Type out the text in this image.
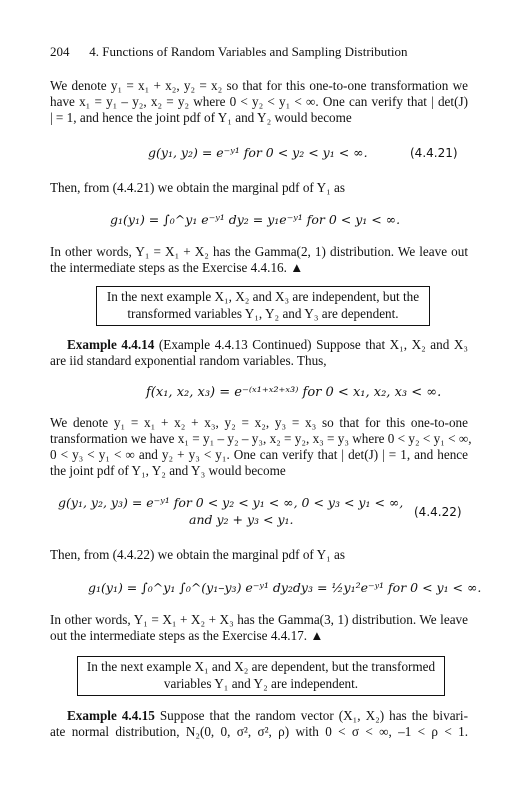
204 4. Functions of Random Variables and Sampling Distribution
We denote y₁ = x₁ + x₂, y₂ = x₂ so that for this one-to-one transformation we
have x₁ = y₁ – y₂, x₂ = y₂ where 0 < y₂ < y₁ < ∞. One can verify that | det(J)
| = 1, and hence the joint pdf of Y₁ and Y₂ would become
g(y₁, y₂) = e⁻ʸ¹ for 0 < y₂ < y₁ < ∞.	(4.4.21)
Then, from (4.4.21) we obtain the marginal pdf of Y₁ as
g₁(y₁) = ∫₀^y₁ e⁻ʸ¹ dy₂ = y₁e⁻ʸ¹ for 0 < y₁ < ∞.
In other words, Y₁ = X₁ + X₂ has the Gamma(2, 1) distribution. We leave out
the intermediate steps as the Exercise 4.4.16. ▲
In the next example X₁, X₂ and X₃ are independent, but the
transformed variables Y₁, Y₂ and Y₃ are dependent.
Example 4.4.14 (Example 4.4.13 Continued) Suppose that X₁, X₂ and X₃
are iid standard exponential random variables. Thus,
f(x₁, x₂, x₃) = e⁻⁽ˣ¹⁺ˣ²⁺ˣ³⁾ for 0 < x₁, x₂, x₃ < ∞.
We denote y₁ = x₁ + x₂ + x₃, y₂ = x₂, y₃ = x₃ so that for this one-to-one
transformation we have x₁ = y₁ – y₂ – y₃, x₂ = y₂, x₃ = y₃ where 0 < y₂ < y₁ < ∞,
0 < y₃ < y₁ < ∞ and y₂ + y₃ < y₁. One can verify that | det(J) | = 1, and hence
the joint pdf of Y₁, Y₂ and Y₃ would become
g(y₁, y₂, y₃) = e⁻ʸ¹ for 0 < y₂ < y₁ < ∞, 0 < y₃ < y₁ < ∞,
and y₂ + y₃ < y₁.	(4.4.22)
Then, from (4.4.22) we obtain the marginal pdf of Y₁ as
g₁(y₁) = ∫₀^y₁ ∫₀^(y₁–y₃) e⁻ʸ¹ dy₂dy₃ = ½y₁²e⁻ʸ¹ for 0 < y₁ < ∞.
In other words, Y₁ = X₁ + X₂ + X₃ has the Gamma(3, 1) distribution. We leave
out the intermediate steps as the Exercise 4.4.17. ▲
In the next example X₁ and X₂ are dependent, but the transformed
variables Y₁ and Y₂ are independent.
Example 4.4.15 Suppose that the random vector (X₁, X₂) has the bivari-
ate normal distribution, N₂(0, 0, σ², σ², ρ) with 0 < σ < ∞, –1 < ρ < 1.
